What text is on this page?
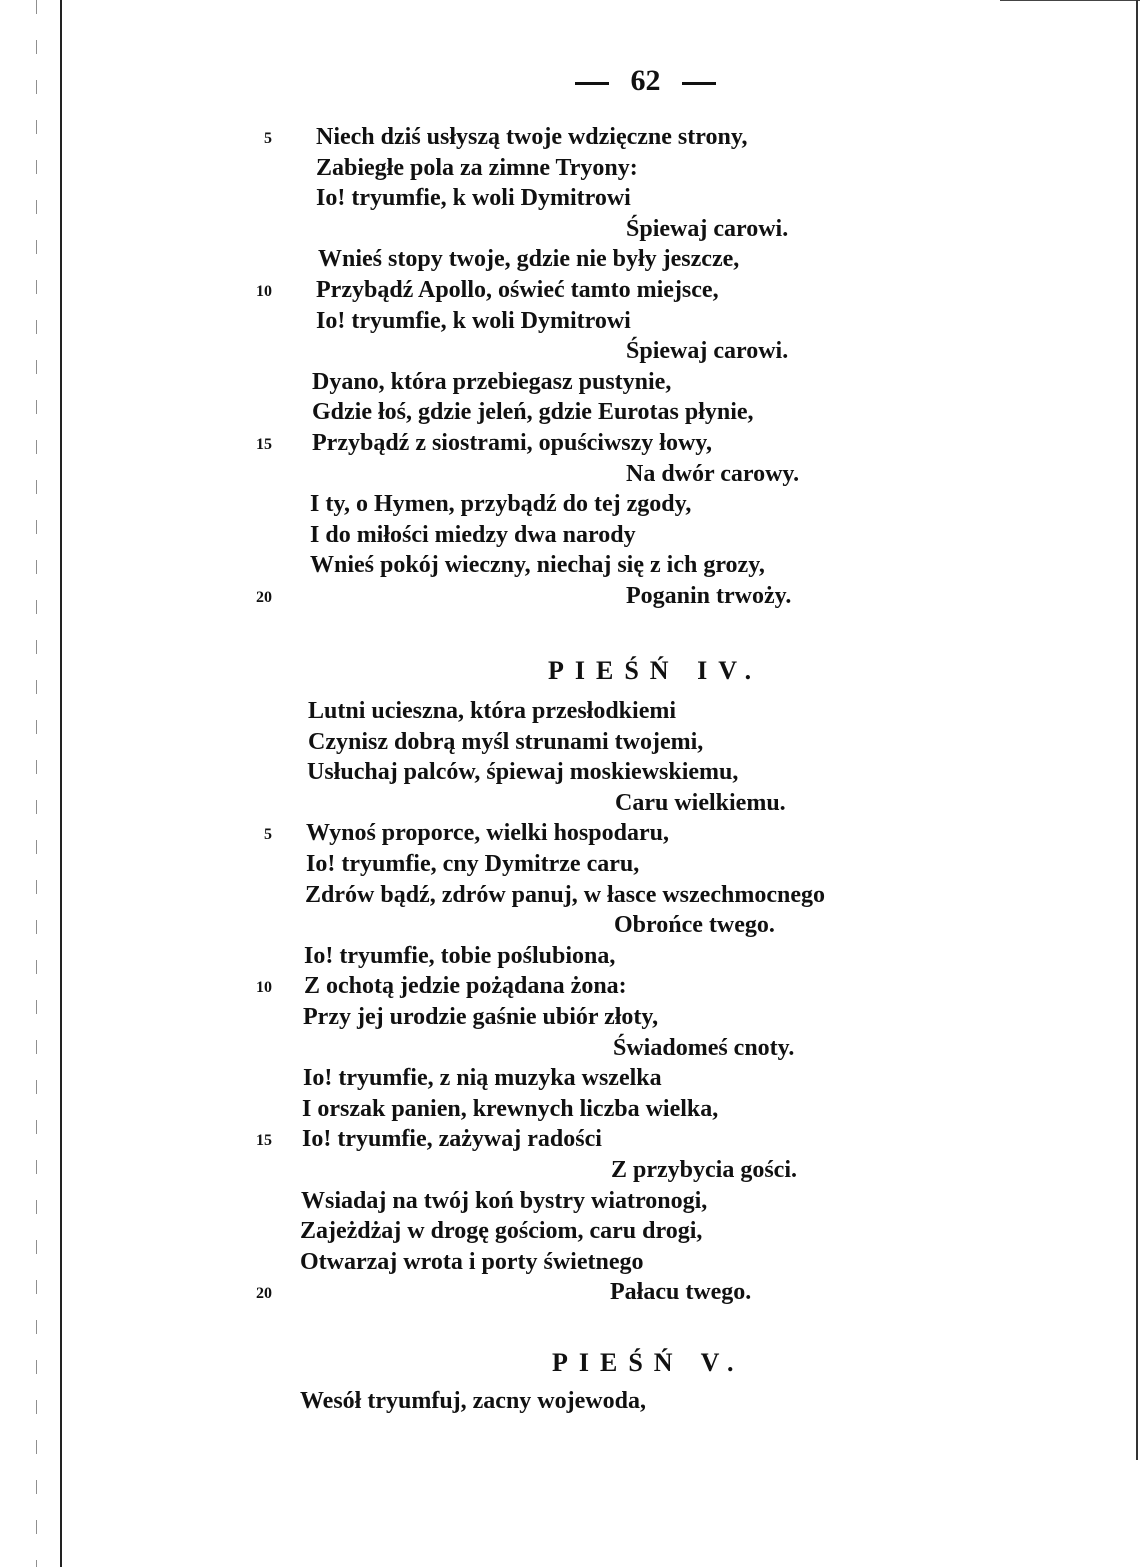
62
5 Niech dziś usłyszą twoje wdzięczne strony,
Zabiegłe pola za zimne Tryony:
Io! tryumfie, k woli Dymitrowi
Śpiewaj carowi.
Wnieś stopy twoje, gdzie nie były jeszcze,
10 Przybądź Apollo, oświeć tamto miejsce,
Io! tryumfie, k woli Dymitrowi
Śpiewaj carowi.
Dyano, która przebiegasz pustynie,
Gdzie łoś, gdzie jeleń, gdzie Eurotas płynie,
15 Przybądź z siostrami, opuściwszy łowy,
Na dwór carowy.
I ty, o Hymen, przybądź do tej zgody,
I do miłości miedzy dwa narody
Wnieś pokój wieczny, niechaj się z ich grozy,
20	Poganin trwoży.
PIEŚŃ IV.
Lutni ucieszna, która przesłodkiemi
Czynisz dobrą myśl strunami twojemi,
Usłuchaj palców, śpiewaj moskiewskiemu,
Caru wielkiemu.
5 Wynoś proporce, wielki hospodaru,
Io! tryumfie, cny Dymitrze caru,
Zdrów bądź, zdrów panuj, w łasce wszechmocnego
Obrońce twego.
Io! tryumfie, tobie poślubiona,
10 Z ochotą jedzie pożądana żona:
Przy jej urodzie gaśnie ubiór złoty,
Świadomeś cnoty.
Io! tryumfie, z nią muzyka wszelka
I orszak panien, krewnych liczba wielka,
15 Io! tryumfie, zażywaj radości
Z przybycia gości.
Wsiadaj na twój koń bystry wiatronogi,
Zajeżdżaj w drogę gościom, caru drogi,
Otwarzaj wrota i porty świetnego
20	Pałacu twego.
PIEŚŃ V.
Wesół tryumfuj, zacny wojewoda,
